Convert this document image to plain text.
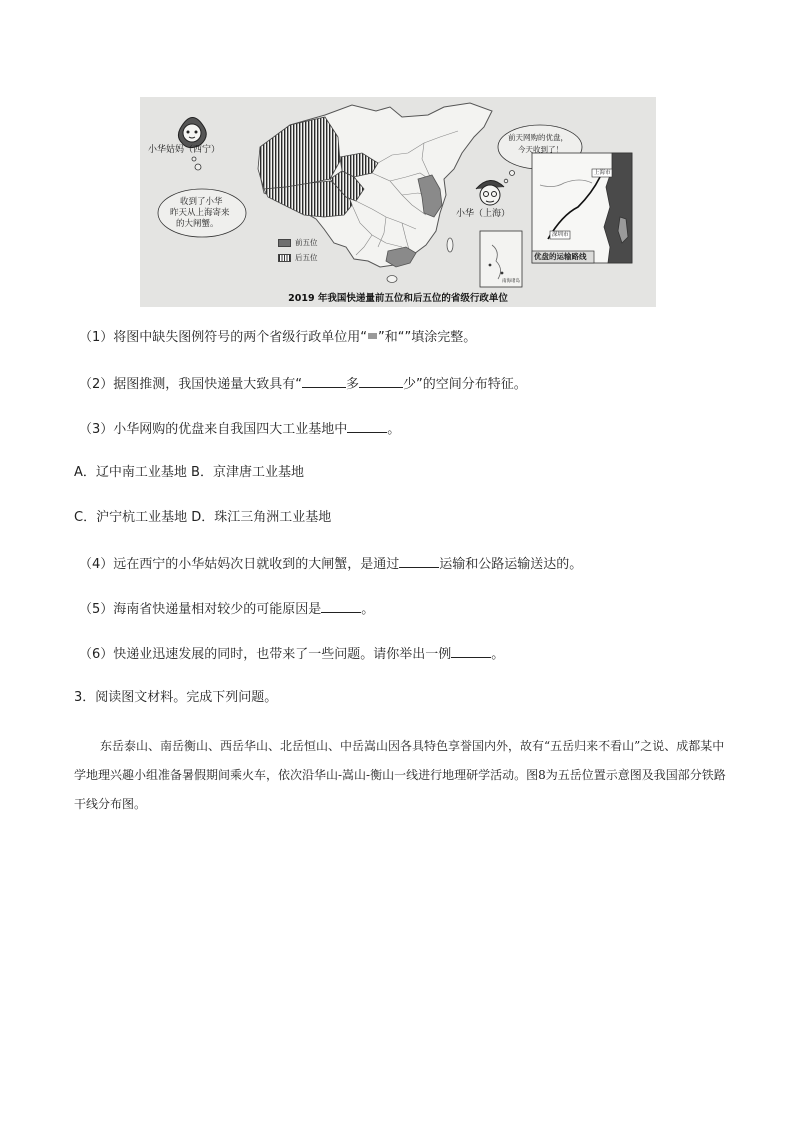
小华姑妈（西宁）
收到了小华
昨天从上海寄来
的大闸蟹。
小华（上海）
前天网购的优盘，
今天收到了！
上海市
深圳市
优盘的运输路线
南海诸岛
前五位
后五位
2019 年我国快递量前五位和后五位的省级行政单位
（1）将图中缺失图例符号的两个省级行政单位用“ ”和“”填涂完整。
（2）据图推测，我国快递量大致具有“	多	少”的空间分布特征。
（3）小华网购的优盘来自我国四大工业基地中	。
A．辽中南工业基地 B．京津唐工业基地
C．沪宁杭工业基地 D．珠江三角洲工业基地
（4）远在西宁的小华姑妈次日就收到的大闸蟹，是通过	运输和公路运输送达的。
（5）海南省快递量相对较少的可能原因是	。
（6）快递业迅速发展的同时，也带来了一些问题。请你举出一例	。
3．阅读图文材料。完成下列问题。

东岳泰山、南岳衡山、西岳华山、北岳恒山、中岳嵩山因各具特色享誉国内外，故有“五岳归来不看山”之说、成都某中学地理兴趣小组准备暑假期间乘火车，依次沿华山-嵩山-衡山一线进行地理研学活动。图8为五岳位置示意图及我国部分铁路干线分布图。
